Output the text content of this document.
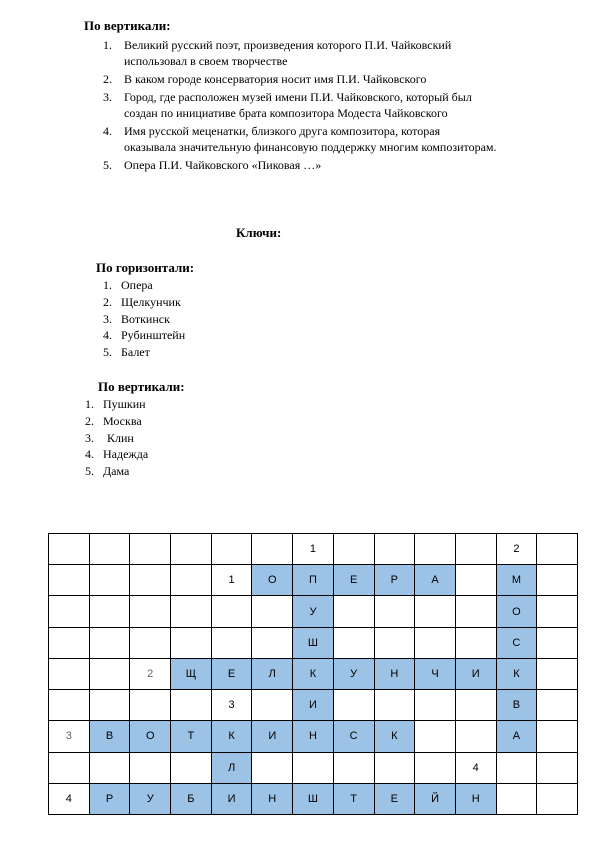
По вертикали:
1. Великий русский поэт, произведения которого П.И. Чайковский
использовал в своем творчестве
2. В каком городе консерватория носит имя П.И. Чайковского
3. Город, где расположен музей имени П.И. Чайковского, который был
создан по инициативе брата композитора Модеста Чайковского
4. Имя русской меценатки, близкого друга композитора, которая
оказывала значительную финансовую поддержку многим композиторам.
5. Опера П.И. Чайковского «Пиковая …»
Ключи:
По горизонтали:
1. Опера
2. Щелкунчик
3. Воткинск
4. Рубинштейн
5. Балет
По вертикали:
1. Пушкин
2. Москва
3. Клин
4. Надежда
5. Дама
						1					2	
				1	О	П	Е	Р	А		М	
						У					О	
						Ш					С	
		2	Щ	Е	Л	К	У	Н	Ч	И	К	
				3		И					В	
3	В	О	Т	К	И	Н	С	К			А	
				Л						4		
4	Р	У	Б	И	Н	Ш	Т	Е	Й	Н		
